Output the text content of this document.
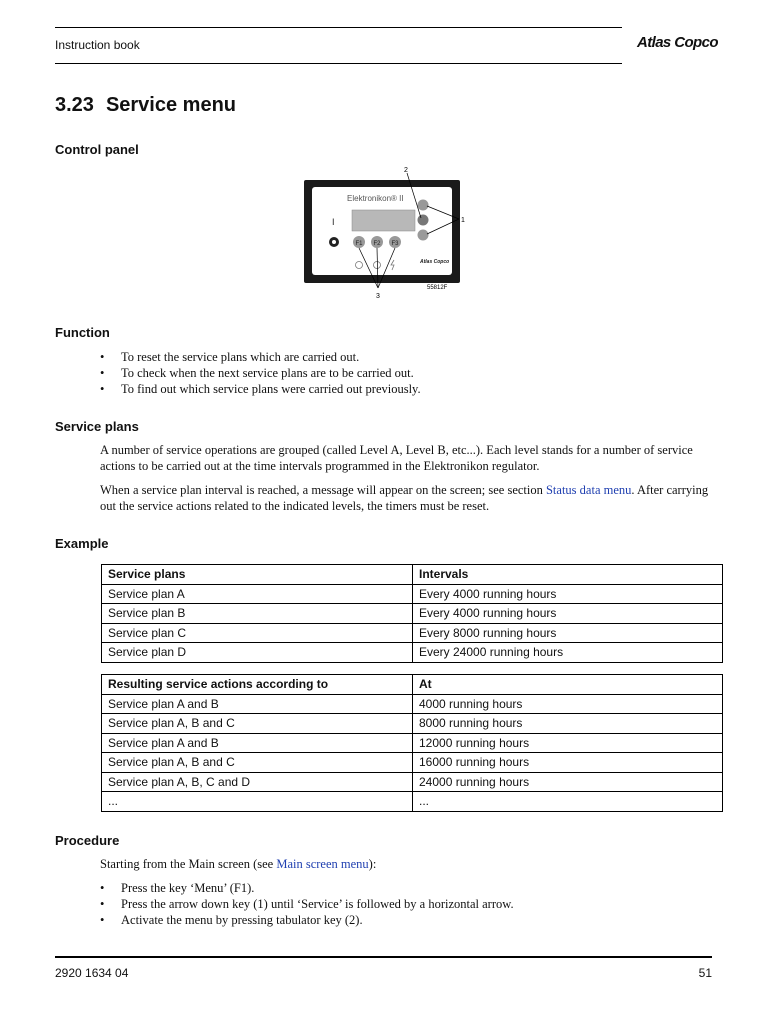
Instruction book	Atlas Copco
3.23 Service menu
Control panel
Elektronikon® II
I
F1 F2 F3
Atlas Copco
2
1
3
55812F
Function
• To reset the service plans which are carried out.
• To check when the next service plans are to be carried out.
• To find out which service plans were carried out previously.
Service plans

A number of service operations are grouped (called Level A, Level B, etc...). Each level stands for a number of service actions to be carried out at the time intervals programmed in the Elektronikon regulator.

When a service plan interval is reached, a message will appear on the screen; see section Status data menu. After carrying out the service actions related to the indicated levels, the timers must be reset.

Example
Service plans	Intervals
Service plan A	Every 4000 running hours
Service plan B	Every 4000 running hours
Service plan C	Every 8000 running hours
Service plan D	Every 24000 running hours
Resulting service actions according to	At
Service plan A and B	4000 running hours
Service plan A, B and C	8000 running hours
Service plan A and B	12000 running hours
Service plan A, B and C	16000 running hours
Service plan A, B, C and D	24000 running hours
...	...
Procedure

Starting from the Main screen (see Main screen menu):

• Press the key ‘Menu’ (F1).
• Press the arrow down key (1) until ‘Service’ is followed by a horizontal arrow.
• Activate the menu by pressing tabulator key (2).
2920 1634 04	51
